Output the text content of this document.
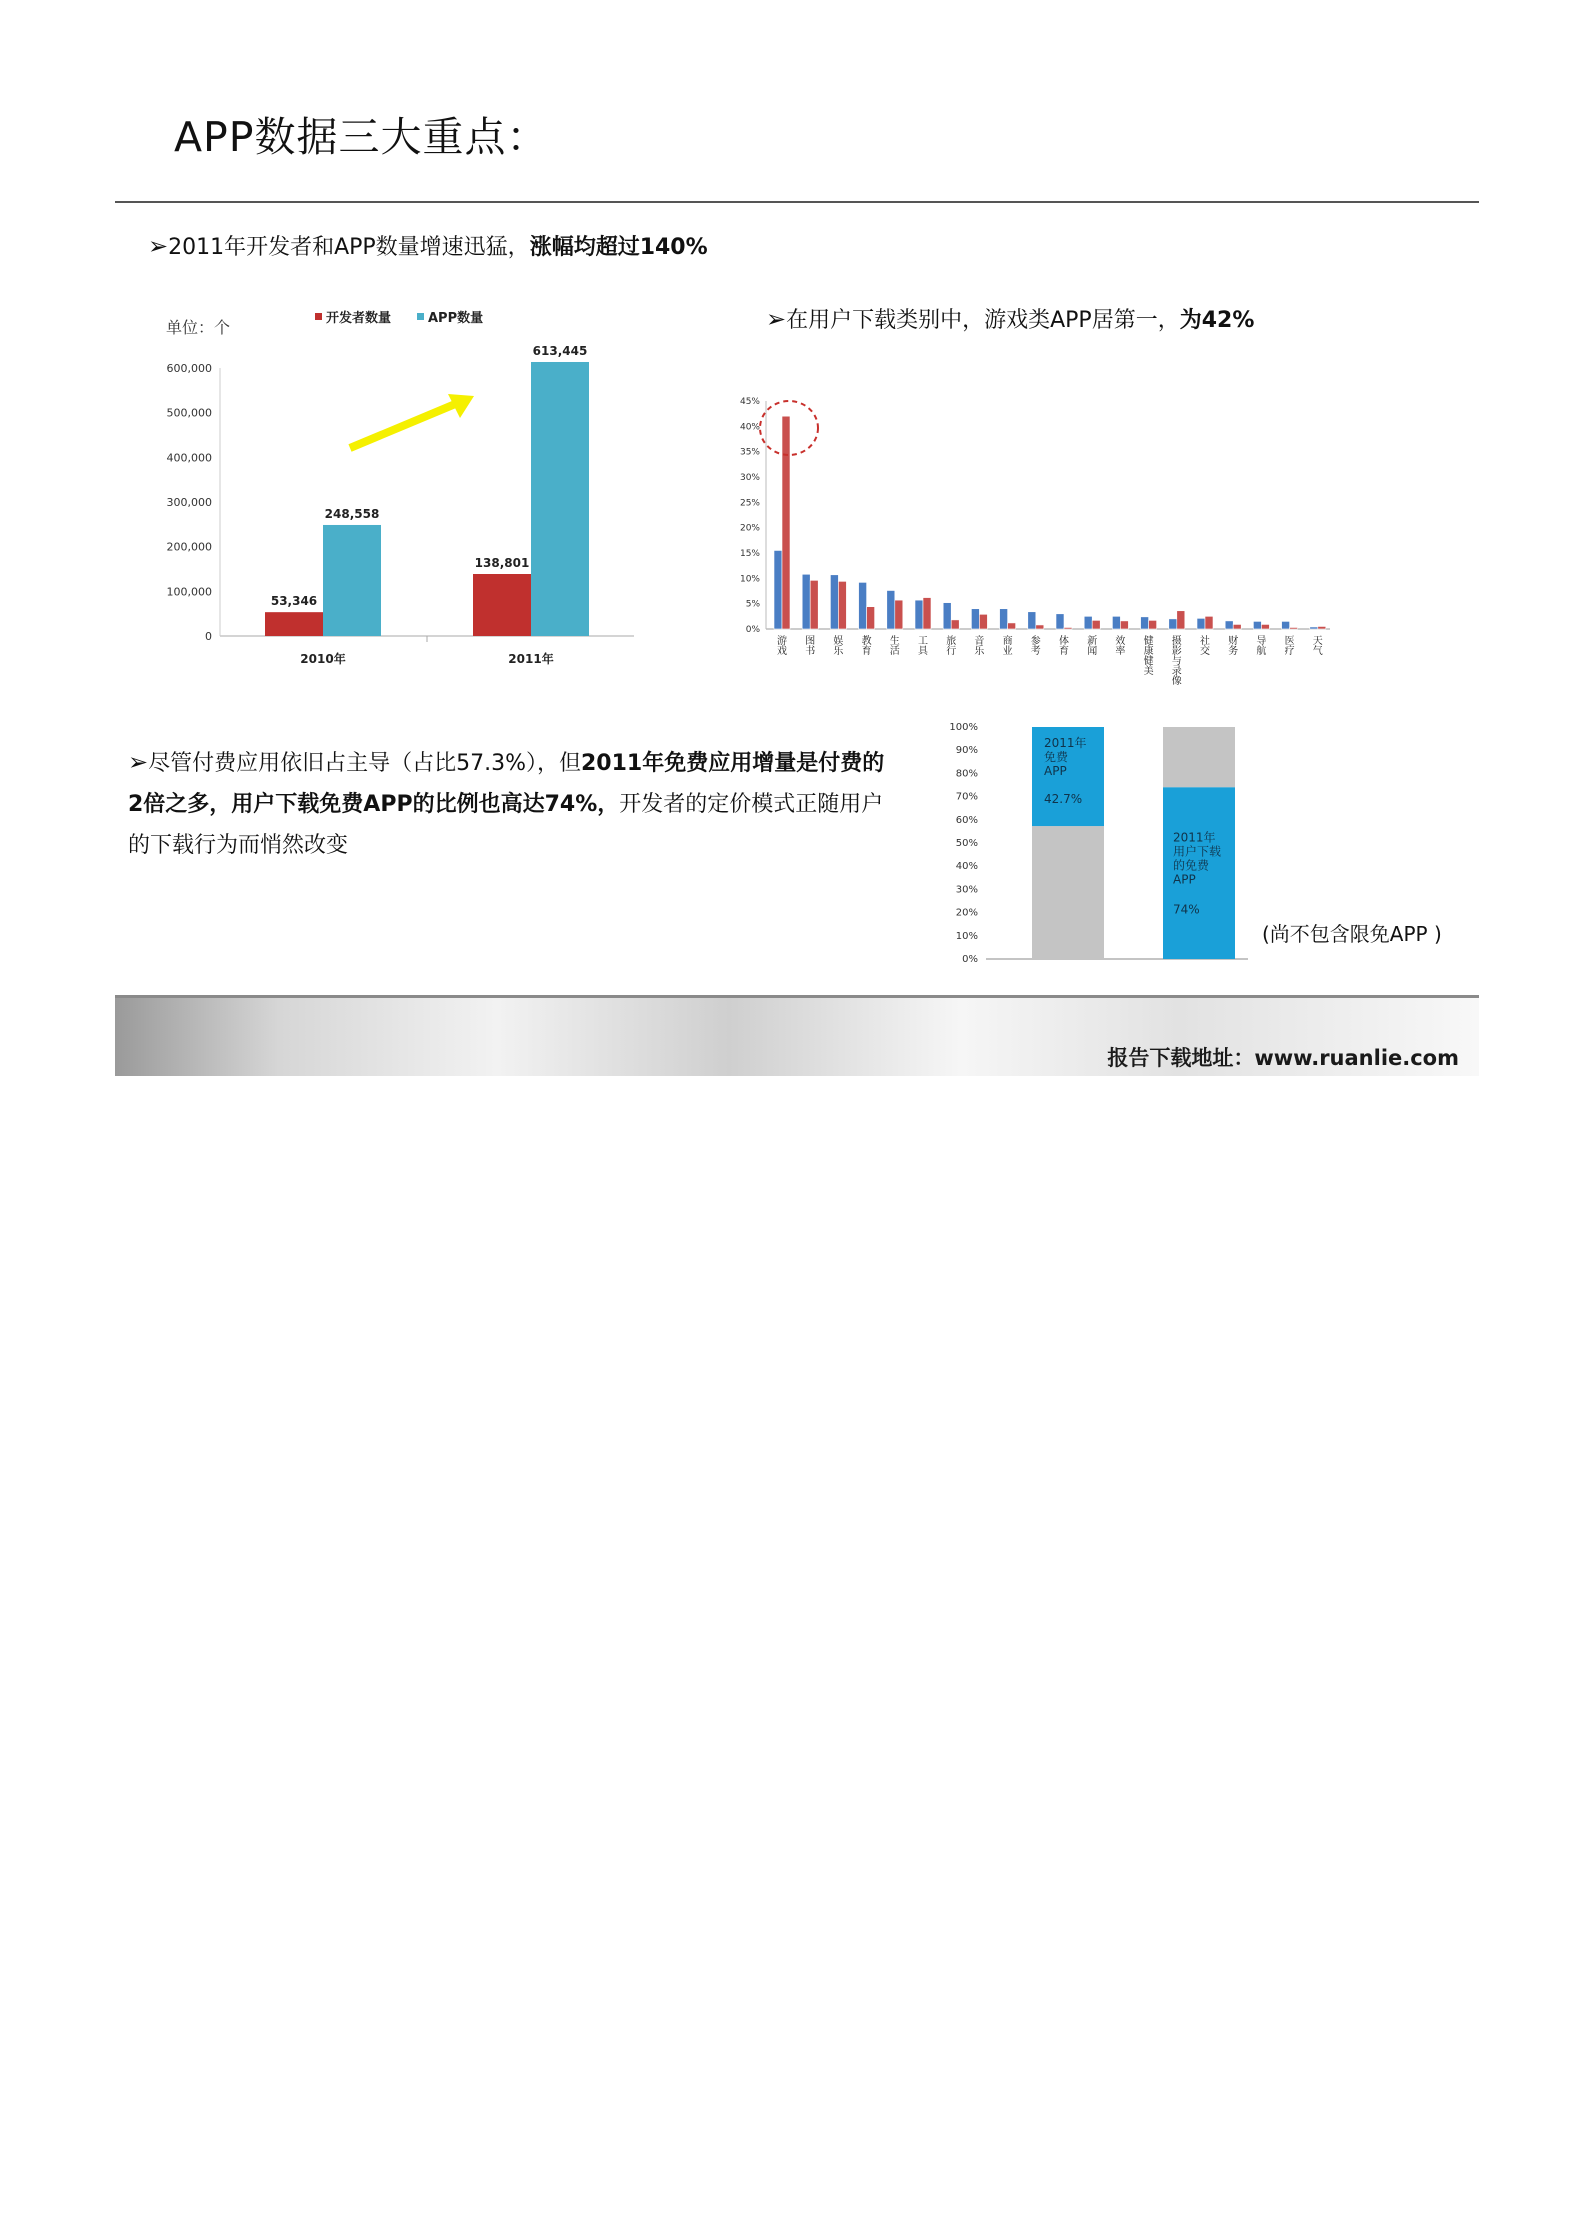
APP数据三大重点：
➢2011年开发者和APP数量增速迅猛，涨幅均超过140%
➢在用户下载类别中，游戏类APP居第一，为42%
单位：个	开发者数量	APP数量
0
100,000
200,000
300,000
400,000
500,000
600,000
53,346
248,558
2010年
138,801
613,445
2011年
0%
5%
10%
15%
20%
25%
30%
35%
40%
45%
游戏
图书
娱乐
教育
生活
工具
旅行
音乐
商业
参考
体育
新闻
效率
健康健美
摄影与录像
社交
财务
导航
医疗
天气
➢尽管付费应用依旧占主导（占比57.3%），但2011年免费应用增量是付费的2倍之多，用户下载免费APP的比例也高达74%，开发者的定价模式正随用户的下载行为而悄然改变
0%
10%
20%
30%
40%
50%
60%
70%
80%
90%
100%
2011年
免费
APP
42.7%
2011年
用户下载
的免费
APP
74%
(尚不包含限免APP )
报告下载地址：www.ruanlie.com
